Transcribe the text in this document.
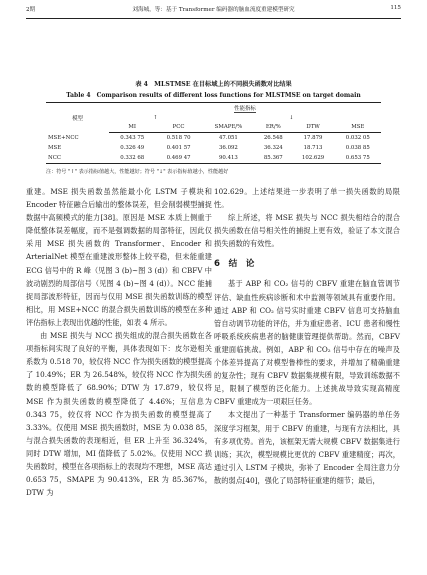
2期	刘海城，等：基于 Transformer 编码器的脑血流度重建模型研究	115
表 4　MLSTMSE 在目标域上的不同损失函数对比结果
Table 4　Comparison results of different loss functions for MLSTMSE on target domain
模型	性能指标					
	↑		↓			
	MI	PCC	SMAPE/%	ER/%	DTW	MSE
MSE+NCC	0.343 75	0.518 70	47.051	26.548	17.879	0.032 05
MSE	0.326 49	0.401 57	36.092	36.324	18.713	0.038 85
NCC	0.332 68	0.469 47	90.413	85.367	102.629	0.653 75
注：符号 "↑" 表示指标值越大，性能越好；符号 "↓" 表示指标值越小，性能越好

重建。MSE 损失函数虽然能最小化 LSTM 子模块和 Encoder 特征融合后输出的整体误差，但会削弱模型捕捉数据中高频模式的能力[38]。原因是 MSE 本质上侧重于降低整体误差幅度，而不是强调数据的局部特征，因此仅采用 MSE 损失函数的 Transformer、Encoder 和 ArterialNet 模型在重建波形整体上较平稳，但未能重建 ECG 信号中的 R 峰（见图 3 (b)~图 3 (d)）和 CBFV 中波动剧烈的局部信号（见图 4 (b)~图 4 (d)）。NCC 能捕捉局部波形特征，因而与仅用 MSE 损失函数训练的模型相比，用 MSE+NCC 的混合损失函数训练的模型在多种评估指标上表现出优越的性能，如表 4 所示。

由 MSE 损失与 NCC 损失组成的混合损失函数在各项指标间实现了良好的平衡，具体表现如下：皮尔逊相关系数为 0.518 70，较仅将 NCC 作为损失函数的模型提高了 10.49%；ER 为 26.548%，较仅将 NCC 作为损失函数的模型降低了 68.90%；DTW 为 17.879，较仅将 MSE 作为损失函数的模型降低了 4.46%；互信息为 0.343 75，较仅将 NCC 作为损失函数的模型提高了 3.33%。仅使用 MSE 损失函数时，MSE 为 0.038 85，与混合损失函数的表现相近，但 ER 上升至 36.324%，同时 DTW 增加，MI 值降低了 5.02%。仅使用 NCC 损失函数时，模型在各项指标上的表现均不理想，MSE 高达 0.653 75，SMAPE 为 90.413%，ER 为 85.367%，DTW 为

102.629。上述结果进一步表明了单一损失函数的局限性。

综上所述，将 MSE 损失与 NCC 损失相结合的混合损失函数在信号相关性的捕捉上更有效，验证了本文混合损失函数的有效性。

6　结　论

基于 ABP 和 CO₂ 信号的 CBFV 重建在脑血管调节评估、缺血性疾病诊断和术中监测等领域具有重要作用。通过 ABP 和 CO₂ 信号实时重建 CBFV 信息可支持脑血管自动调节功能的评估，并为重症患者、ICU 患者和慢性呼吸系统疾病患者的脑健康管理提供帮助。然而，CBFV 重建面临挑战。例如，ABP 和 CO₂ 信号中存在的噪声及个体差异提高了对模型鲁棒性的要求，并增加了精确重建的复杂性；现有 CBFV 数据集规模有限，导致训练数据不足，限制了模型的泛化能力。上述挑战导致实现高精度 CBFV 重建成为一项艰巨任务。

本文提出了一种基于 Transformer 编码器的单任务深度学习框架，用于 CBFV 的重建，与现有方法相比，具有多项优势。首先，该框架无需大规模 CBFV 数据集进行训练；其次，模型规模比更优的 CBFV 重建精度；再次，通过引入 LSTM 子模块，弥补了 Encoder 全局注意力分散的弱点[40]，强化了局部特征重建的细节；最后，
